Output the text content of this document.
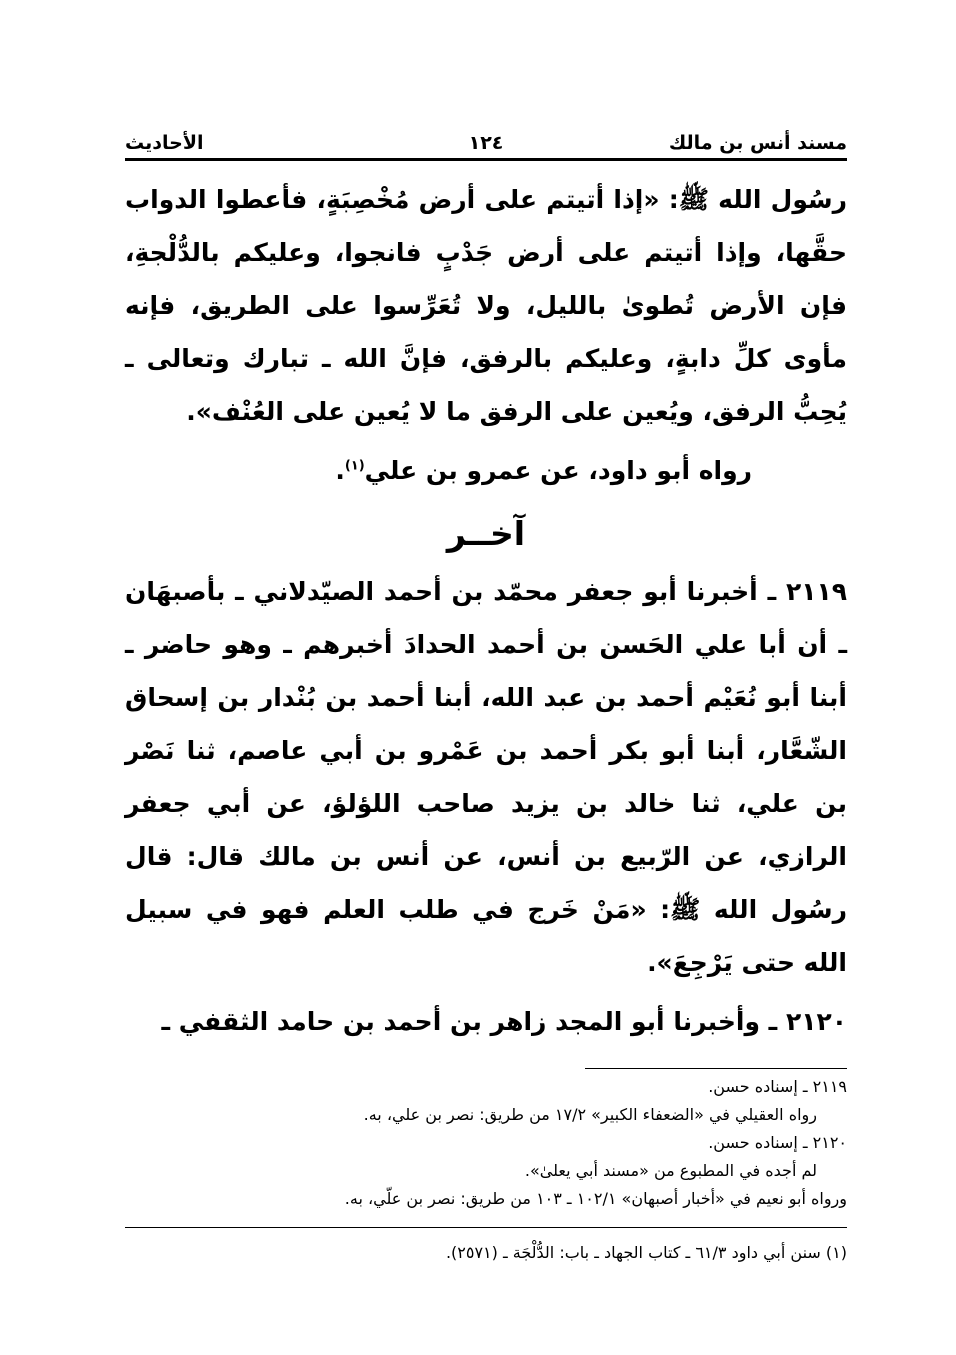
مسند أنس بن مالك
١٢٤
الأحاديث

رسُول الله ﷺ: «إذا أتيتم على أرض مُخْصِبَةٍ، فأعطوا الدواب حقَّها، وإذا أتيتم على أرض جَدْبٍ فانجوا، وعليكم بالدُّلْجةِ، فإن الأرض تُطوىٰ بالليل، ولا تُعَرِّسوا على الطريق، فإنه مأوى كلِّ دابةٍ، وعليكم بالرفق، فإنَّ الله ـ تبارك وتعالى ـ يُحِبُّ الرفق، ويُعين على الرفق ما لا يُعين على العُنْف».

رواه أبو داود، عن عمرو بن علي$^{(١)}$.
آخــر

٢١١٩ ـ أخبرنا أبو جعفر محمّد بن أحمد الصيّدلاني ـ بأصبهَان ـ أن أبا علي الحَسن بن أحمد الحدادَ أخبرهم ـ وهو حاضر ـ أبنا أبو نُعَيْم أحمد بن عبد الله، أبنا أحمد بن بُنْدار بن إسحاق الشّعَّار، أبنا أبو بكر أحمد بن عَمْرو بن أبي عاصم، ثنا نَصْر بن علي، ثنا خالد بن يزيد صاحب اللؤلؤ، عن أبي جعفر الرازي، عن الرّبيع بن أنس، عن أنس بن مالك قال: قال رسُول الله ﷺ: «مَنْ خَرج في طلب العلم فهو في سبيل الله حتى يَرْجِعَ».

٢١٢٠ ـ وأخبرنا أبو المجد زاهر بن أحمد بن حامد الثقفي ـ

٢١١٩ ـ إسناده حسن.
رواه العقيلي في «الضعفاء الكبير» ١٧/٢ من طريق: نصر بن علي، به.
٢١٢٠ ـ إسناده حسن.
لم أجده في المطبوع من «مسند أبي يعلىٰ».
ورواه أبو نعيم في «أخبار أصبهان» ١٠٢/١ ـ ١٠٣ من طريق: نصر بن علّي، به.
(١) سنن أبي داود ٦١/٣ ـ كتاب الجهاد ـ باب: الدُّلْجَة ـ (٢٥٧١).
